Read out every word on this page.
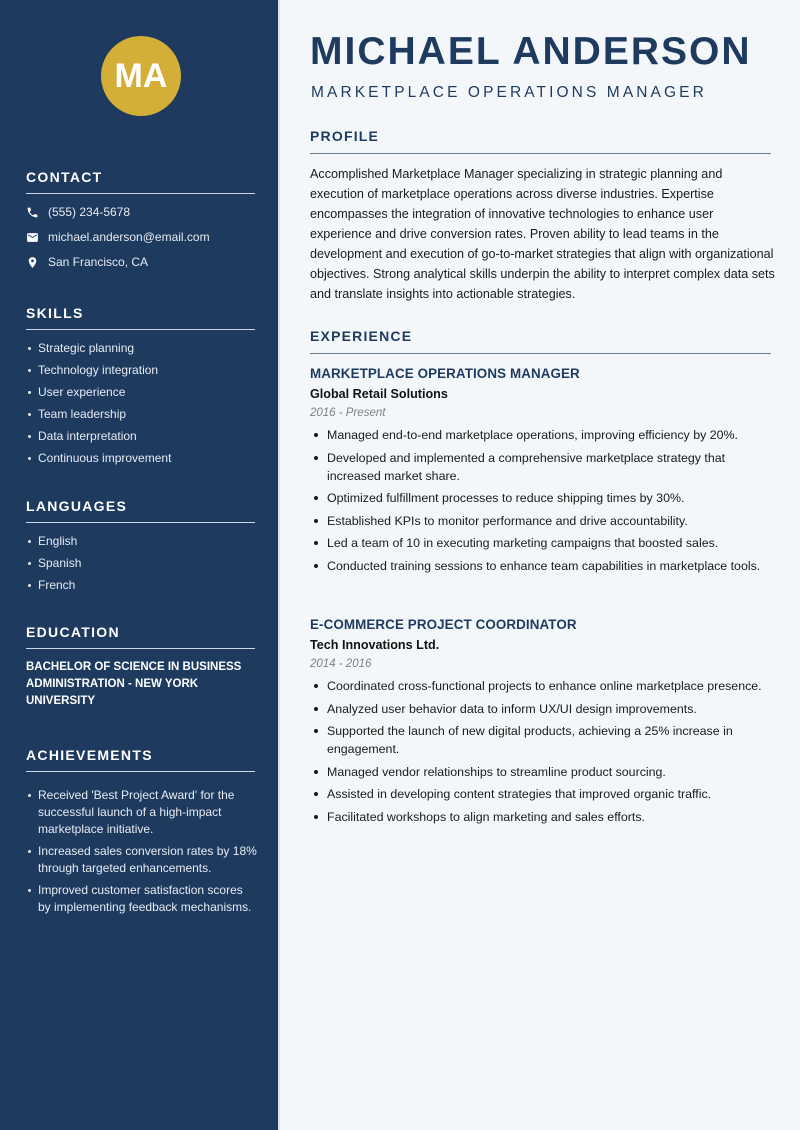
MA
CONTACT
(555) 234-5678
michael.anderson@email.com
San Francisco, CA
SKILLS
Strategic planning
Technology integration
User experience
Team leadership
Data interpretation
Continuous improvement
LANGUAGES
English
Spanish
French
EDUCATION
BACHELOR OF SCIENCE IN BUSINESS ADMINISTRATION - NEW YORK UNIVERSITY
ACHIEVEMENTS
Received 'Best Project Award' for the successful launch of a high-impact marketplace initiative.
Increased sales conversion rates by 18% through targeted enhancements.
Improved customer satisfaction scores by implementing feedback mechanisms.
MICHAEL ANDERSON
MARKETPLACE OPERATIONS MANAGER
PROFILE

Accomplished Marketplace Manager specializing in strategic planning and execution of marketplace operations across diverse industries. Expertise encompasses the integration of innovative technologies to enhance user experience and drive conversion rates. Proven ability to lead teams in the development and execution of go-to-market strategies that align with organizational objectives. Strong analytical skills underpin the ability to interpret complex data sets and translate insights into actionable strategies.

EXPERIENCE
MARKETPLACE OPERATIONS MANAGER
Global Retail Solutions
2016 - Present
Managed end-to-end marketplace operations, improving efficiency by 20%.
Developed and implemented a comprehensive marketplace strategy that increased market share.
Optimized fulfillment processes to reduce shipping times by 30%.
Established KPIs to monitor performance and drive accountability.
Led a team of 10 in executing marketing campaigns that boosted sales.
Conducted training sessions to enhance team capabilities in marketplace tools.
E-COMMERCE PROJECT COORDINATOR
Tech Innovations Ltd.
2014 - 2016
Coordinated cross-functional projects to enhance online marketplace presence.
Analyzed user behavior data to inform UX/UI design improvements.
Supported the launch of new digital products, achieving a 25% increase in engagement.
Managed vendor relationships to streamline product sourcing.
Assisted in developing content strategies that improved organic traffic.
Facilitated workshops to align marketing and sales efforts.
